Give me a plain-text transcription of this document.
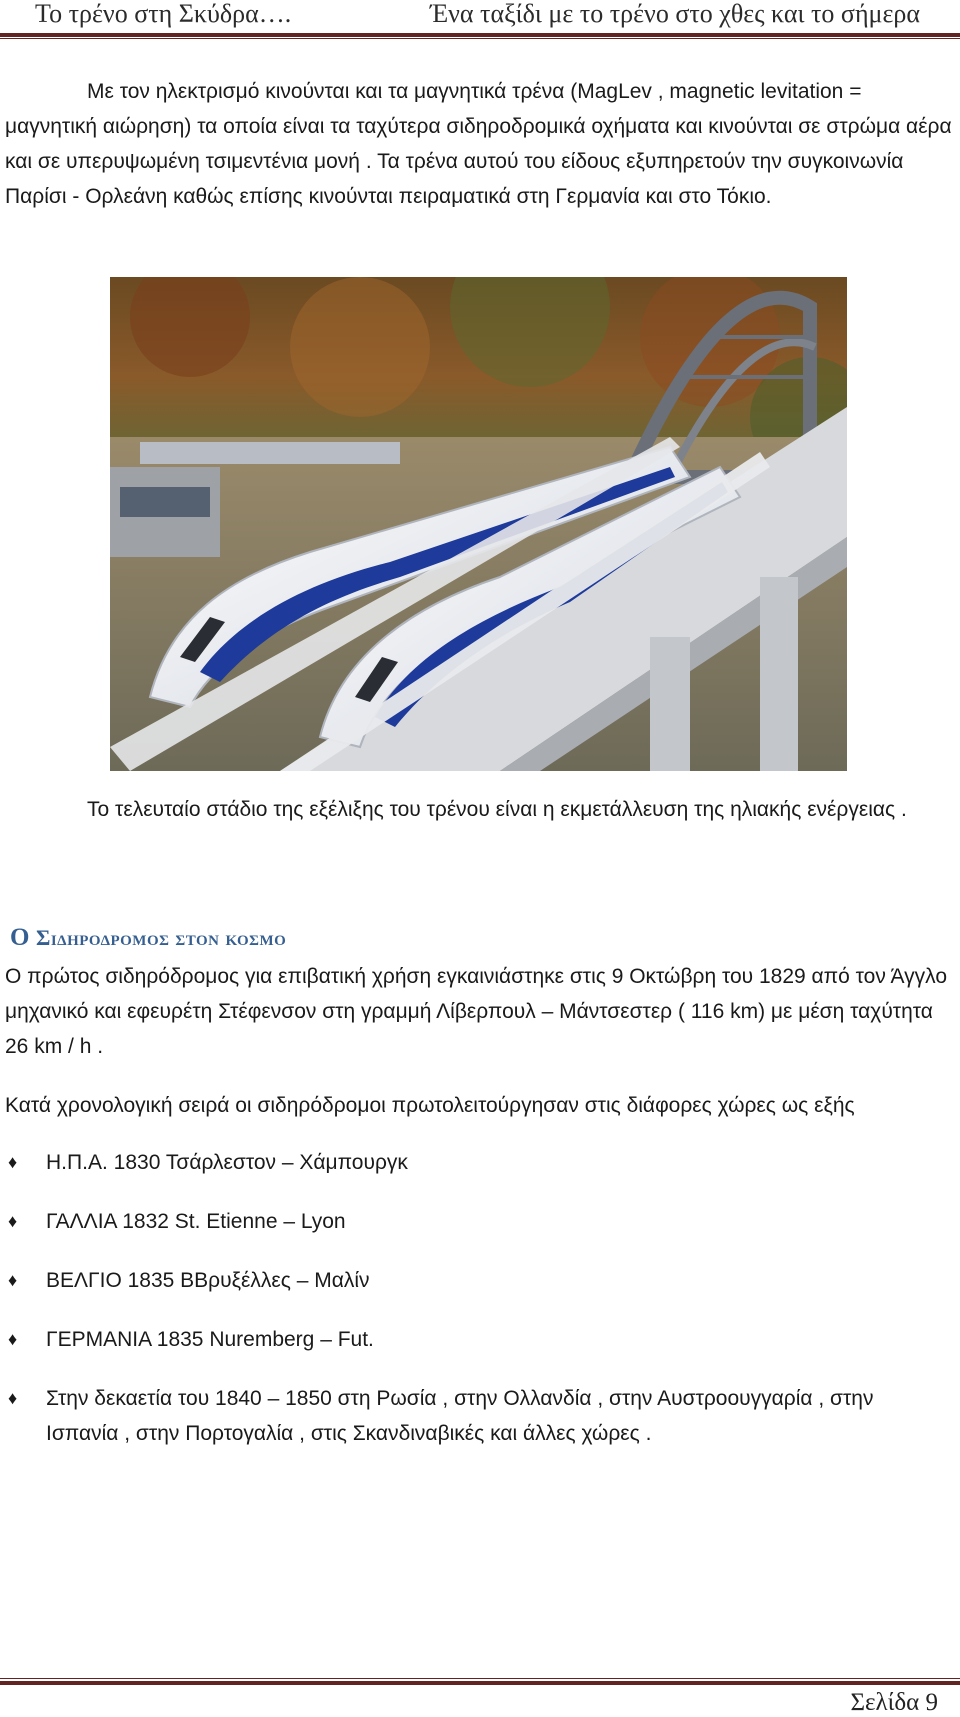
Το τρένο στη Σκύδρα….	Ένα ταξίδι με το τρένο στο χθες και το σήμερα

Με τον ηλεκτρισμό κινούνται και τα μαγνητικά τρένα (MagLev , magnetic levitation = μαγνητική αιώρηση) τα οποία είναι τα ταχύτερα σιδηροδρομικά οχήματα και κινούνται σε στρώμα αέρα και σε υπερυψωμένη τσιμεντένια μονή . Τα τρένα αυτού του είδους εξυπηρετούν την συγκοινωνία Παρίσι - Ορλεάνη καθώς επίσης κινούνται πειραματικά στη Γερμανία και στο Τόκιο.

Το τελευταίο στάδιο της εξέλιξης του τρένου είναι η εκμετάλλευση της ηλιακής ενέργειας .

Ο Σιδηροδρομος στον κοσμο

Ο πρώτος σιδηρόδρομος για επιβατική χρήση εγκαινιάστηκε στις 9 Οκτώβρη του 1829 από τον Άγγλο μηχανικό και εφευρέτη Στέφενσον στη γραμμή Λίβερπουλ – Μάντσεστερ ( 116 km) με μέση ταχύτητα 26 km / h .

Κατά χρονολογική σειρά οι σιδηρόδρομοι πρωτολειτούργησαν στις διάφορες χώρες ως εξής

♦ Η.Π.Α. 1830 Τσάρλεστον – Χάμπουργκ
♦ ΓΑΛΛΙΑ 1832 St. Etienne – Lyon
♦ ΒΕΛΓΙΟ 1835 ΒΒρυξέλλες – Μαλίν
♦ ΓΕΡΜΑΝΙΑ 1835 Nuremberg – Fut.
♦ Στην δεκαετία του 1840 – 1850 στη Ρωσία , στην Ολλανδία , στην Αυστροουγγαρία , στην Ισπανία , στην Πορτογαλία , στις Σκανδιναβικές και άλλες χώρες .
Σελίδα 9
